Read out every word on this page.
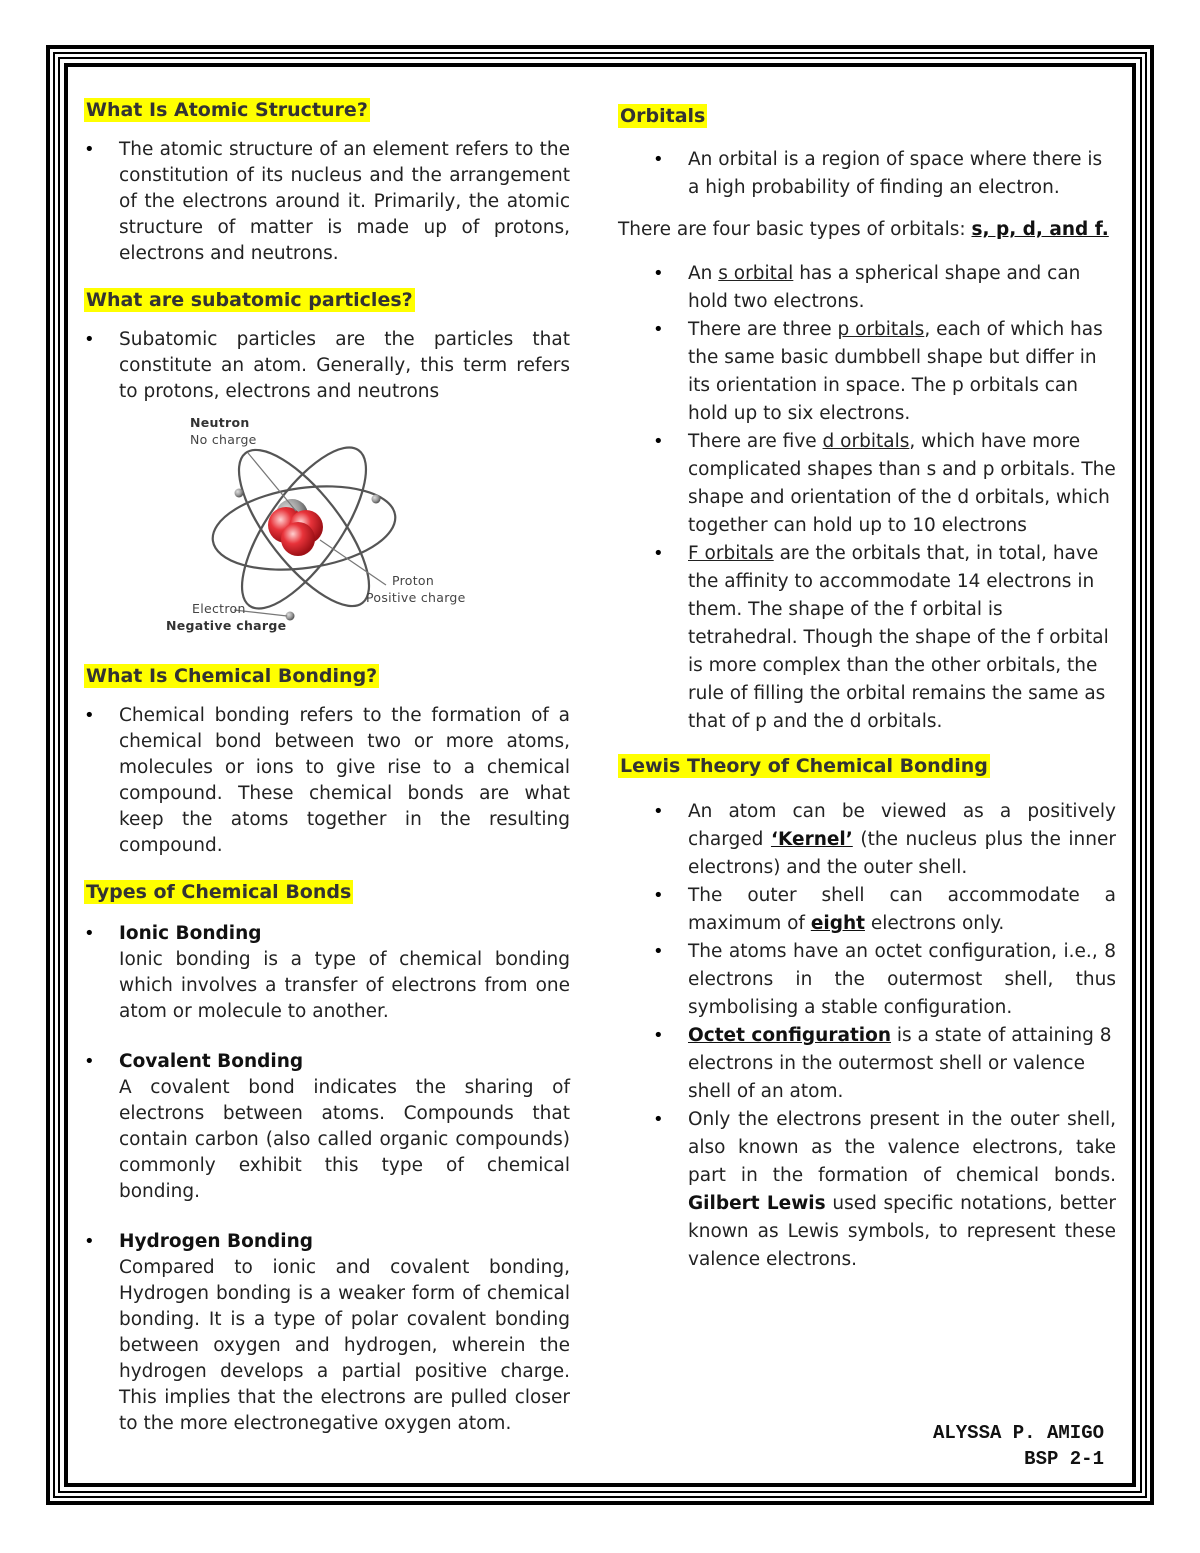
What Is Atomic Structure?

• The atomic structure of an element refers to the constitution of its nucleus and the arrangement of the electrons around it. Primarily, the atomic structure of matter is made up of protons, electrons and neutrons.

What are subatomic particles?

• Subatomic particles are the particles that constitute an atom. Generally, this term refers to protons, electrons and neutrons

Neutron
No charge
Proton
Positive charge
Electron
Negative charge

What Is Chemical Bonding?

• Chemical bonding refers to the formation of a chemical bond between two or more atoms, molecules or ions to give rise to a chemical compound. These chemical bonds are what keep the atoms together in the resulting compound.

Types of Chemical Bonds

• Ionic Bonding
Ionic bonding is a type of chemical bonding which involves a transfer of electrons from one atom or molecule to another.
• Covalent Bonding
A covalent bond indicates the sharing of electrons between atoms. Compounds that contain carbon (also called organic compounds) commonly exhibit this type of chemical bonding.
• Hydrogen Bonding
Compared to ionic and covalent bonding, Hydrogen bonding is a weaker form of chemical bonding. It is a type of polar covalent bonding between oxygen and hydrogen, wherein the hydrogen develops a partial positive charge. This implies that the electrons are pulled closer to the more electronegative oxygen atom.

Orbitals

• An orbital is a region of space where there is a high probability of finding an electron.

There are four basic types of orbitals: s, p, d, and f.

• An s orbital has a spherical shape and can hold two electrons.

• There are three p orbitals, each of which has the same basic dumbbell shape but differ in its orientation in space. The p orbitals can hold up to six electrons.

• There are five d orbitals, which have more complicated shapes than s and p orbitals. The shape and orientation of the d orbitals, which together can hold up to 10 electrons

• F orbitals are the orbitals that, in total, have the affinity to accommodate 14 electrons in them. The shape of the f orbital is tetrahedral. Though the shape of the f orbital is more complex than the other orbitals, the rule of filling the orbital remains the same as that of p and the d orbitals.

Lewis Theory of Chemical Bonding

• An atom can be viewed as a positively charged ‘Kernel’ (the nucleus plus the inner electrons) and the outer shell.

• The outer shell can accommodate a maximum of eight electrons only.

• The atoms have an octet configuration, i.e., 8 electrons in the outermost shell, thus symbolising a stable configuration.

• Octet configuration is a state of attaining 8 electrons in the outermost shell or valence shell of an atom.

• Only the electrons present in the outer shell, also known as the valence electrons, take part in the formation of chemical bonds. Gilbert Lewis used specific notations, better known as Lewis symbols, to represent these valence electrons.

ALYSSA P. AMIGO
BSP 2-1
